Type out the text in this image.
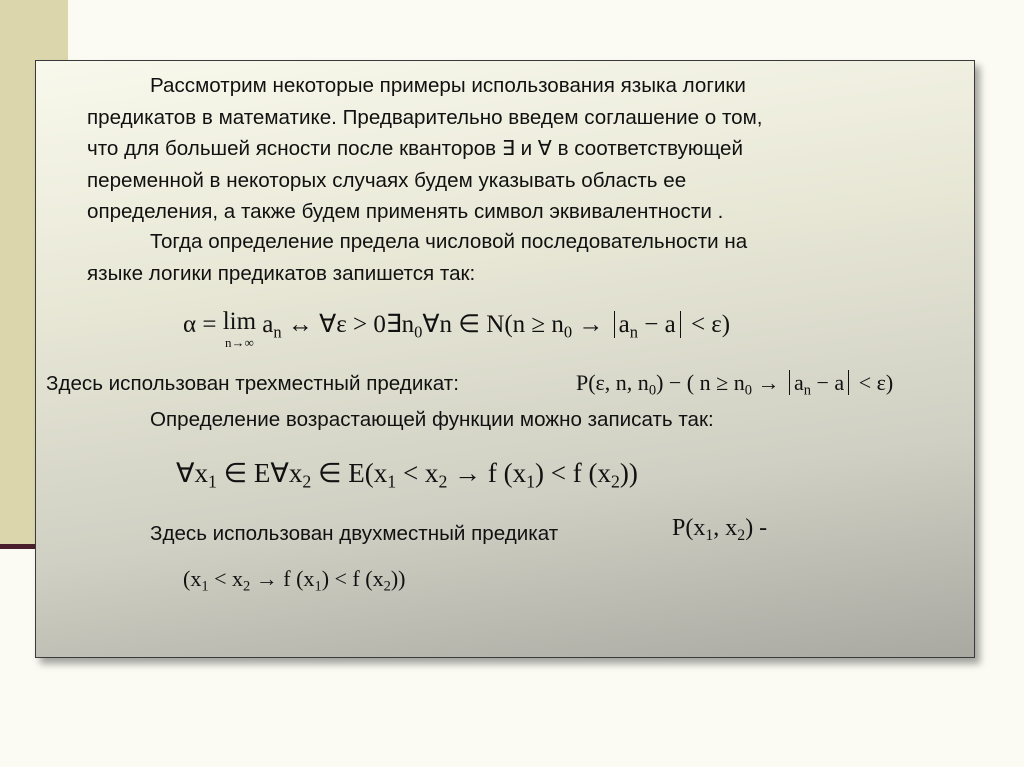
Рассмотрим некоторые примеры использования языка логики
предикатов в математике. Предварительно введем соглашение о том,
что для большей ясности после кванторов ∃ и ∀ в соответствующей
переменной в некоторых случаях будем указывать область ее
определения, а также будем применять символ эквивалентности .

Тогда определение предела числовой последовательности на
языке логики предикатов запишется так:

α = lim
n→∞
$a_n$ ↔ ∀ε > $0\exists n_0\forall n$ ∈ $N(n \ge n_0 \to a_n - a < \varepsilon)$

Здесь использован трехместный предикат:	P(ε, n, $n_0$) − ( $n \ge n_0 \to a_n - a < \varepsilon$)

Определение возрастающей функции можно записать так:

$\forall x_1$ ∈ $E\forall x_2$ ∈ $E(x_1 < x_2 \to f$ $(x_1) < f$ $(x_2)$)

Здесь использован двухместный предикат	$P(x_1$, $x_2$) -
($x_1 < x_2 \to f$ $(x_1) < f$ $(x_2)$)
